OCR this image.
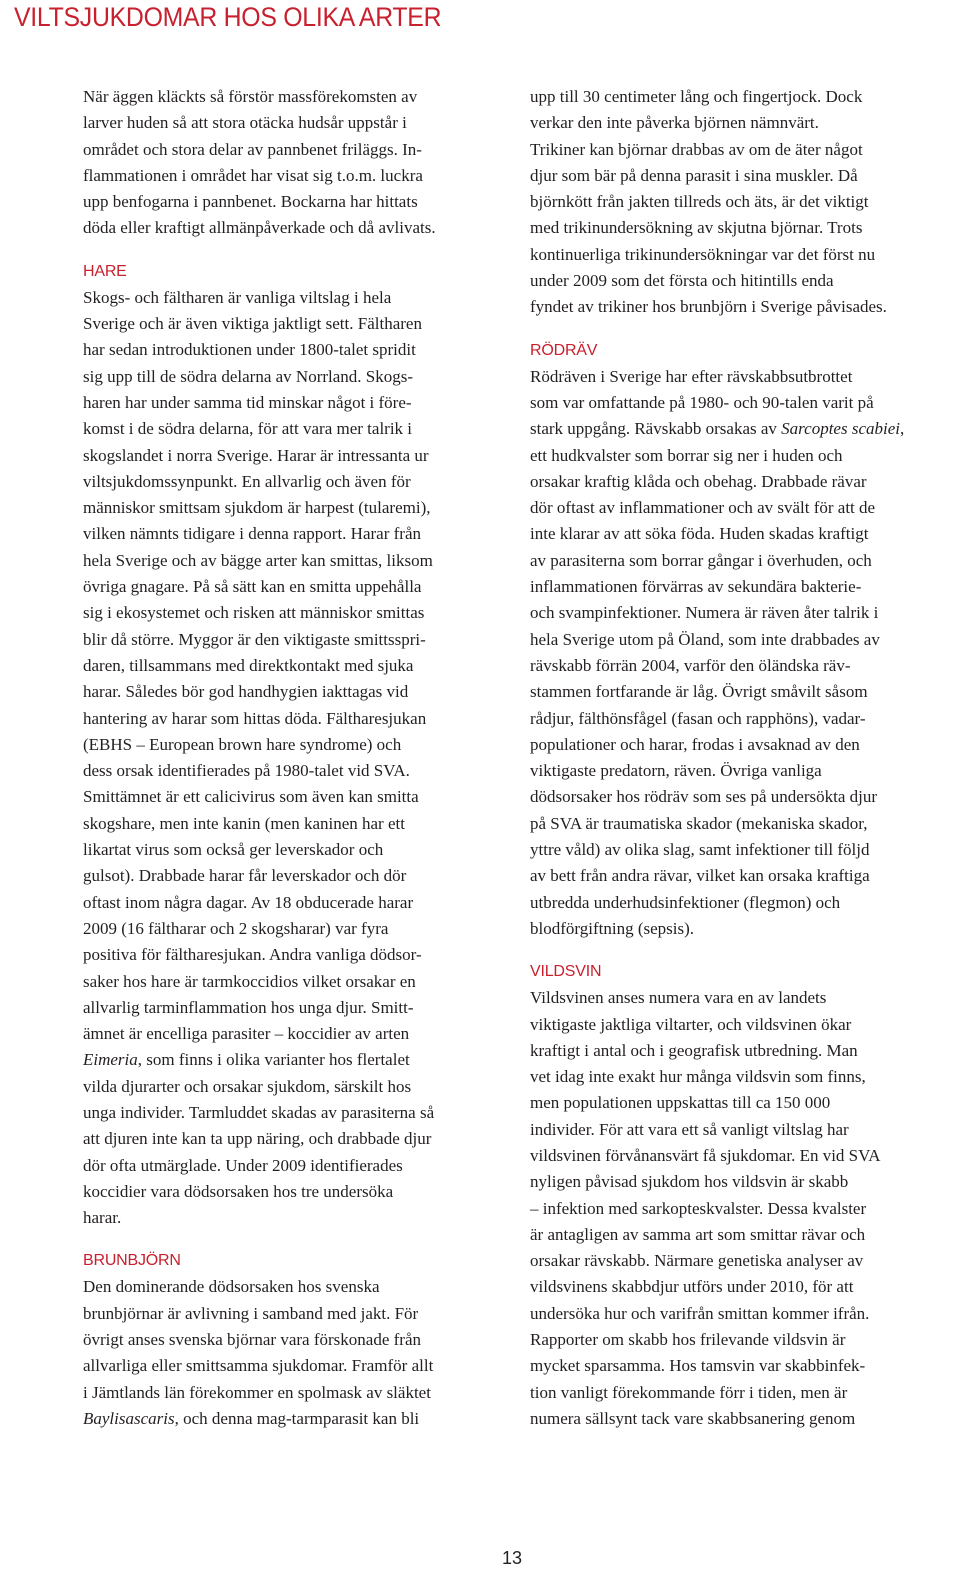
VILTSJUKDOMAR HOS OLIKA ARTER
När äggen kläckts så förstör massförekomsten av
larver huden så att stora otäcka hudsår uppstår i
området och stora delar av pannbenet friläggs. In-
flammationen i området har visat sig t.o.m. luckra
upp benfogarna i pannbenet. Bockarna har hittats
döda eller kraftigt allmänpåverkade och då avlivats.
HARE
Skogs- och fältharen är vanliga viltslag i hela
Sverige och är även viktiga jaktligt sett. Fältharen
har sedan introduktionen under 1800-talet spridit
sig upp till de södra delarna av Norrland. Skogs-
haren har under samma tid minskar något i före-
komst i de södra delarna, för att vara mer talrik i
skogslandet i norra Sverige. Harar är intressanta ur
viltsjukdomssynpunkt. En allvarlig och även för
människor smittsam sjukdom är harpest (tularemi),
vilken nämnts tidigare i denna rapport. Harar från
hela Sverige och av bägge arter kan smittas, liksom
övriga gnagare. På så sätt kan en smitta uppehålla
sig i ekosystemet och risken att människor smittas
blir då större. Myggor är den viktigaste smittsspri-
daren, tillsammans med direktkontakt med sjuka
harar. Således bör god handhygien iakttagas vid
hantering av harar som hittas döda. Fältharesjukan
(EBHS – European brown hare syndrome) och
dess orsak identifierades på 1980-talet vid SVA.
Smittämnet är ett calicivirus som även kan smitta
skogshare, men inte kanin (men kaninen har ett
likartat virus som också ger leverskador och
gulsot). Drabbade harar får leverskador och dör
oftast inom några dagar. Av 18 obducerade harar
2009 (16 fältharar och 2 skogsharar) var fyra
positiva för fältharesjukan. Andra vanliga dödsor-
saker hos hare är tarmkoccidios vilket orsakar en
allvarlig tarminflammation hos unga djur. Smitt-
ämnet är encelliga parasiter – koccidier av arten
Eimeria, som finns i olika varianter hos flertalet
vilda djurarter och orsakar sjukdom, särskilt hos
unga individer. Tarmluddet skadas av parasiterna så
att djuren inte kan ta upp näring, och drabbade djur
dör ofta utmärglade. Under 2009 identifierades
koccidier vara dödsorsaken hos tre undersöka
harar.
BRUNBJÖRN
Den dominerande dödsorsaken hos svenska
brunbjörnar är avlivning i samband med jakt. För
övrigt anses svenska björnar vara förskonade från
allvarliga eller smittsamma sjukdomar. Framför allt
i Jämtlands län förekommer en spolmask av släktet
Baylisascaris, och denna mag-tarmparasit kan bli
upp till 30 centimeter lång och fingertjock. Dock
verkar den inte påverka björnen nämnvärt.
Trikiner kan björnar drabbas av om de äter något
djur som bär på denna parasit i sina muskler. Då
björnkött från jakten tillreds och äts, är det viktigt
med trikinundersökning av skjutna björnar. Trots
kontinuerliga trikinundersökningar var det först nu
under 2009 som det första och hitintills enda
fyndet av trikiner hos brunbjörn i Sverige påvisades.
RÖDRÄV
Rödräven i Sverige har efter rävskabbsutbrottet
som var omfattande på 1980- och 90-talen varit på
stark uppgång. Rävskabb orsakas av Sarcoptes scabiei,
ett hudkvalster som borrar sig ner i huden och
orsakar kraftig klåda och obehag. Drabbade rävar
dör oftast av inflammationer och av svält för att de
inte klarar av att söka föda. Huden skadas kraftigt
av parasiterna som borrar gångar i överhuden, och
inflammationen förvärras av sekundära bakterie-
och svampinfektioner. Numera är räven åter talrik i
hela Sverige utom på Öland, som inte drabbades av
rävskabb förrän 2004, varför den öländska räv-
stammen fortfarande är låg. Övrigt småvilt såsom
rådjur, fälthönsfågel (fasan och rapphöns), vadar-
populationer och harar, frodas i avsaknad av den
viktigaste predatorn, räven. Övriga vanliga
dödsorsaker hos rödräv som ses på undersökta djur
på SVA är traumatiska skador (mekaniska skador,
yttre våld) av olika slag, samt infektioner till följd
av bett från andra rävar, vilket kan orsaka kraftiga
utbredda underhudsinfektioner (flegmon) och
blodförgiftning (sepsis).
VILDSVIN
Vildsvinen anses numera vara en av landets
viktigaste jaktliga viltarter, och vildsvinen ökar
kraftigt i antal och i geografisk utbredning. Man
vet idag inte exakt hur många vildsvin som finns,
men populationen uppskattas till ca 150 000
individer. För att vara ett så vanligt viltslag har
vildsvinen förvånansvärt få sjukdomar. En vid SVA
nyligen påvisad sjukdom hos vildsvin är skabb
– infektion med sarkopteskvalster. Dessa kvalster
är antagligen av samma art som smittar rävar och
orsakar rävskabb. Närmare genetiska analyser av
vildsvinens skabbdjur utförs under 2010, för att
undersöka hur och varifrån smittan kommer ifrån.
Rapporter om skabb hos frilevande vildsvin är
mycket sparsamma. Hos tamsvin var skabbinfek-
tion vanligt förekommande förr i tiden, men är
numera sällsynt tack vare skabbsanering genom
13
